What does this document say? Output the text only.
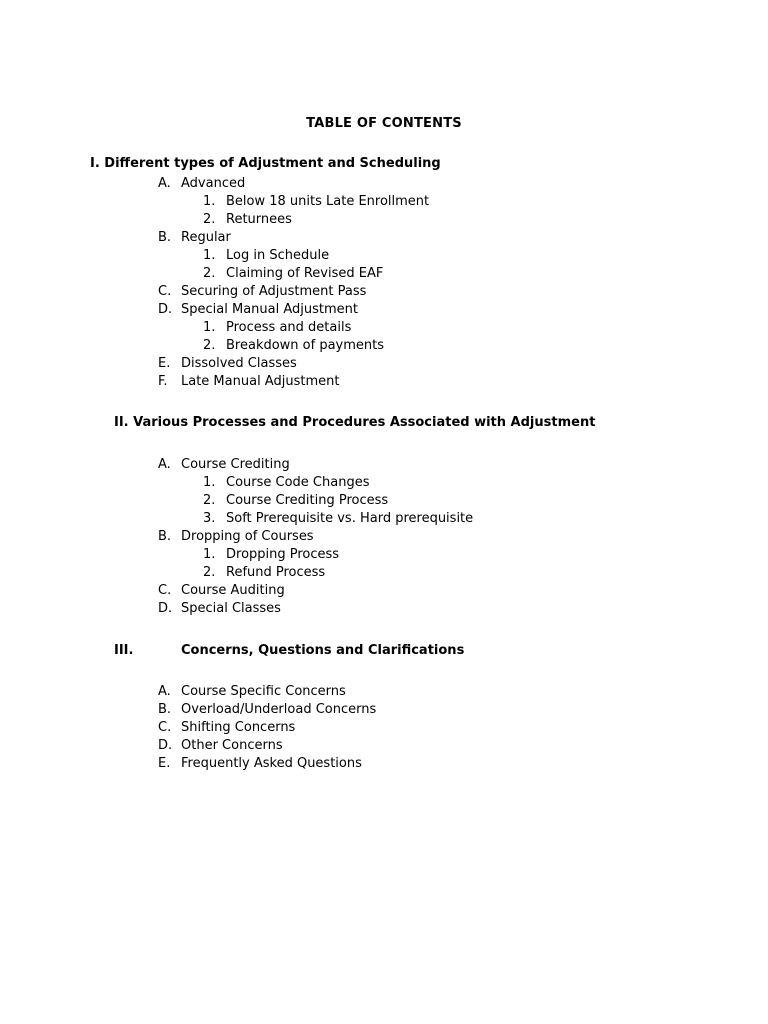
TABLE OF CONTENTS
I. Different types of Adjustment and Scheduling
A. Advanced
1. Below 18 units Late Enrollment
2. Returnees
B. Regular
1. Log in Schedule
2. Claiming of Revised EAF
C. Securing of Adjustment Pass
D. Special Manual Adjustment
1. Process and details
2. Breakdown of payments
E. Dissolved Classes
F.	Late Manual Adjustment
II. Various Processes and Procedures Associated with Adjustment
A. Course Crediting
1. Course Code Changes
2. Course Crediting Process
3. Soft Prerequisite vs. Hard prerequisite
B. Dropping of Courses
1. Dropping Process
2. Refund Process
C. Course Auditing
D. Special Classes
III.	Concerns, Questions and Clarifications
A. Course Specific Concerns
B. Overload/Underload Concerns
C. Shifting Concerns
D. Other Concerns
E. Frequently Asked Questions
